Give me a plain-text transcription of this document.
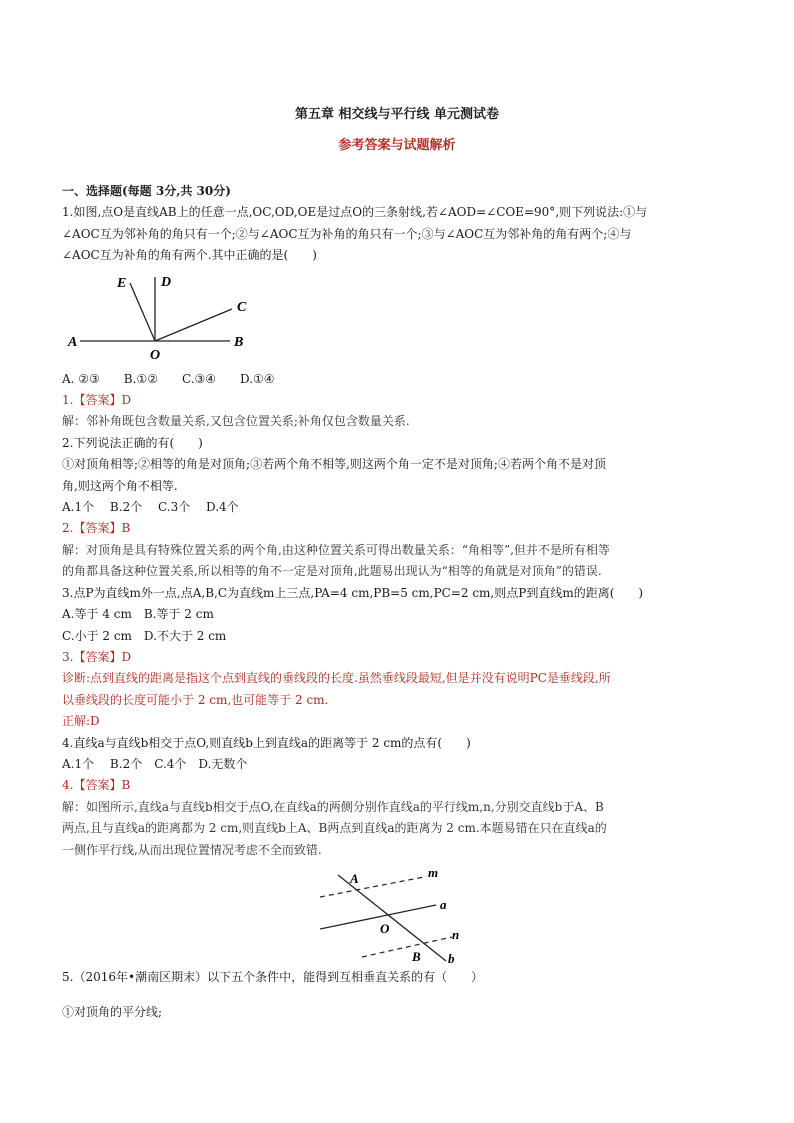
第五章 相交线与平行线 单元测试卷
参考答案与试题解析
一、选择题(每题 3分,共 30分)
1.如图,点O是直线AB上的任意一点,OC,OD,OE是过点O的三条射线,若∠AOD=∠COE=90°,则下列说法:①与
∠AOC互为邻补角的角只有一个;②与∠AOC互为补角的角只有一个;③与∠AOC互为邻补角的角有两个;④与
∠AOC互为补角的角有两个.其中正确的是(　　)
E D
C
A
O
B
A. ②③　　B.①②　　C.③④　　D.①④
1.【答案】D
解：邻补角既包含数量关系,又包含位置关系;补角仅包含数量关系.
2.下列说法正确的有(　　)
①对顶角相等;②相等的角是对顶角;③若两个角不相等,则这两个角一定不是对顶角;④若两个角不是对顶
角,则这两个角不相等.
A.1个　 B.2个　 C.3个　 D.4个
2.【答案】B
解：对顶角是具有特殊位置关系的两个角,由这种位置关系可得出数量关系：“角相等”,但并不是所有相等
的角都具备这种位置关系,所以相等的角不一定是对顶角,此题易出现认为“相等的角就是对顶角”的错误.
3.点P为直线m外一点,点A,B,C为直线m上三点,PA=4 cm,PB=5 cm,PC=2 cm,则点P到直线m的距离(　　)
A.等于 4 cm　B.等于 2 cm
C.小于 2 cm　D.不大于 2 cm
3.【答案】D
诊断:点到直线的距离是指这个点到直线的垂线段的长度.虽然垂线段最短,但是并没有说明PC是垂线段,所
以垂线段的长度可能小于 2 cm,也可能等于 2 cm.
正解:D
4.直线a与直线b相交于点O,则直线b上到直线a的距离等于 2 cm的点有(　　)
A.1个　 B.2个　C.4个　D.无数个
4.【答案】B
解：如图所示,直线a与直线b相交于点O,在直线a的两侧分别作直线a的平行线m,n,分别交直线b于A、B
两点,且与直线a的距离都为 2 cm,则直线b上A、B两点到直线a的距离为 2 cm.本题易错在只在直线a的
一侧作平行线,从而出现位置情况考虑不全而致错.
m
a
n
A
O
B b
5.（2016年•潮南区期末）以下五个条件中，能得到互相垂直关系的有（　　）
①对顶角的平分线;
